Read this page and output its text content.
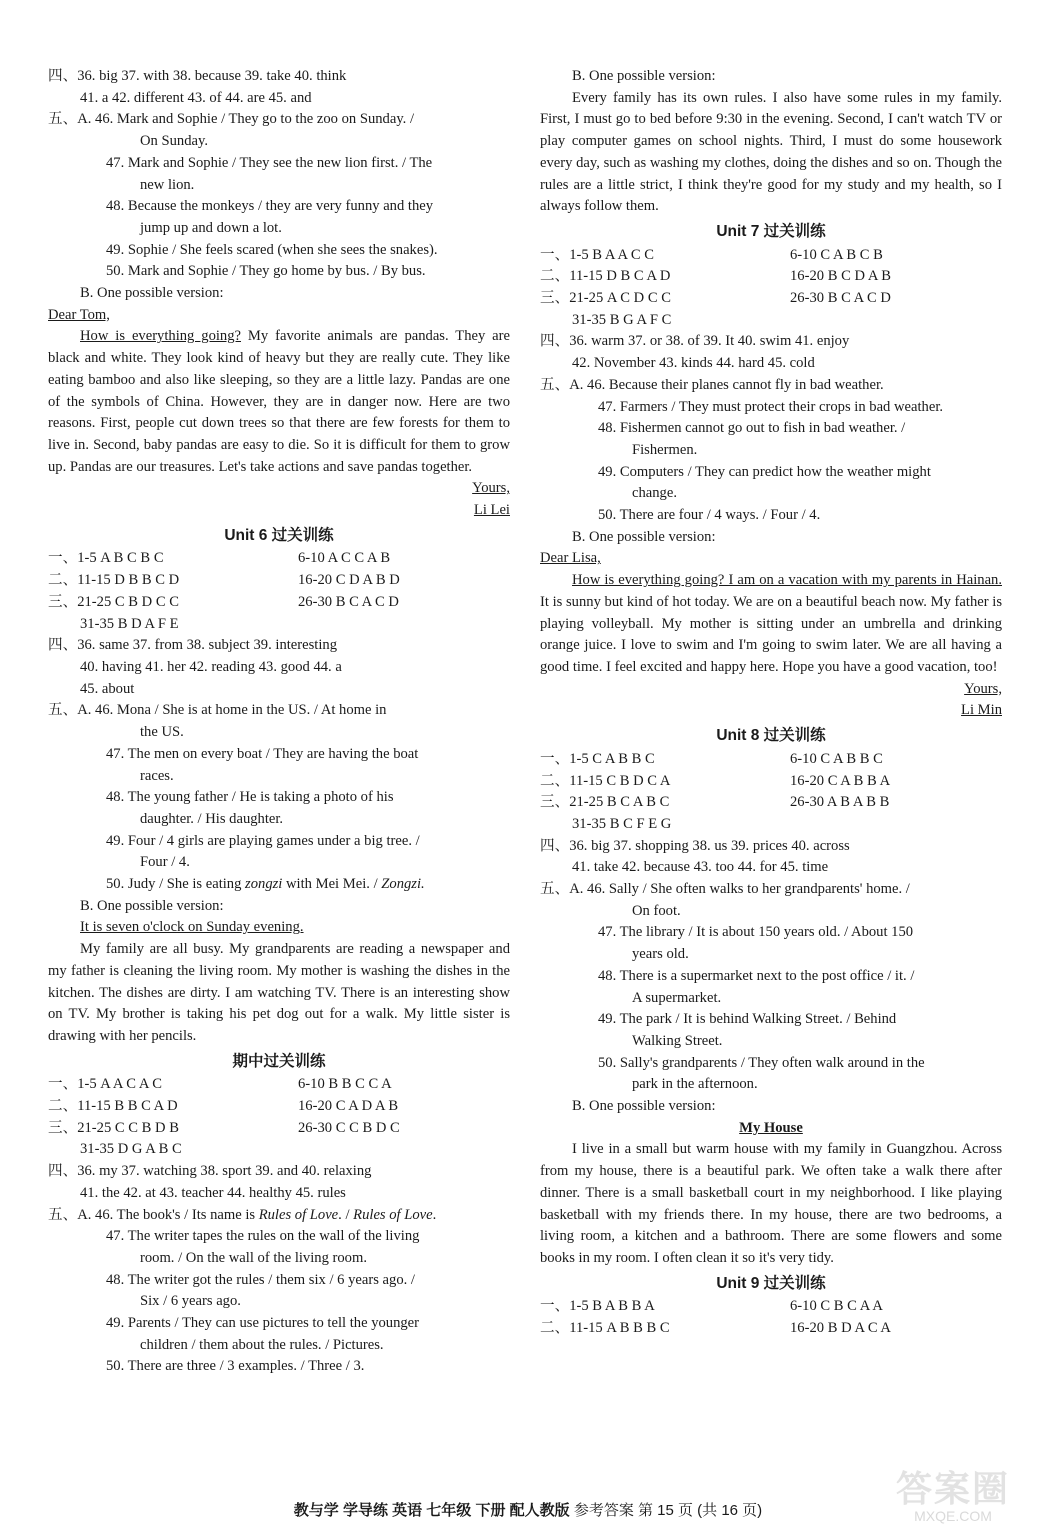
四、36. big 37. with 38. because 39. take 40. think
41. a 42. different 43. of 44. are 45. and
五、A. 46. Mark and Sophie / They go to the zoo on Sunday. /
On Sunday.
47. Mark and Sophie / They see the new lion first. / The
new lion.
48. Because the monkeys / they are very funny and they
jump up and down a lot.
49. Sophie / She feels scared (when she sees the snakes).
50. Mark and Sophie / They go home by bus. / By bus.
B. One possible version:
Dear Tom,
How is everything going? My favorite animals are pandas. They are black and white. They look kind of heavy but they are really cute. They like eating bamboo and also like sleeping, so they are a little lazy. Pandas are one of the symbols of China. However, they are in danger now. Here are two reasons. First, people cut down trees so that there are few forests for them to live in. Second, baby pandas are easy to die. So it is difficult for them to grow up. Pandas are our treasures. Let's take actions and save pandas together.
Yours,
Li Lei
Unit 6 过关训练
一、1-5 A B C B C	6-10 A C C A B
二、11-15 D B B C D	16-20 C D A B D
三、21-25 C B D C C	26-30 B C A C D
31-35 B D A F E
四、36. same 37. from 38. subject 39. interesting
40. having 41. her 42. reading 43. good 44. a
45. about
五、A. 46. Mona / She is at home in the US. / At home in
the US.
47. The men on every boat / They are having the boat
races.
48. The young father / He is taking a photo of his
daughter. / His daughter.
49. Four / 4 girls are playing games under a big tree. /
Four / 4.
50. Judy / She is eating zongzi with Mei Mei. / Zongzi.
B. One possible version:
It is seven o'clock on Sunday evening.
My family are all busy. My grandparents are reading a newspaper and my father is cleaning the living room. My mother is washing the dishes in the kitchen. The dishes are dirty. I am watching TV. There is an interesting show on TV. My brother is taking his pet dog out for a walk. My little sister is drawing with her pencils.
期中过关训练
一、1-5 A A C A C	6-10 B B C C A
二、11-15 B B C A D	16-20 C A D A B
三、21-25 C C B D B	26-30 C C B D C
31-35 D G A B C
四、36. my 37. watching 38. sport 39. and 40. relaxing
41. the 42. at 43. teacher 44. healthy 45. rules
五、A. 46. The book's / Its name is Rules of Love. / Rules of Love.
47. The writer tapes the rules on the wall of the living
room. / On the wall of the living room.
48. The writer got the rules / them six / 6 years ago. /
Six / 6 years ago.
49. Parents / They can use pictures to tell the younger
children / them about the rules. / Pictures.
50. There are three / 3 examples. / Three / 3.
B. One possible version:
Every family has its own rules. I also have some rules in my family. First, I must go to bed before 9:30 in the evening. Second, I can't watch TV or play computer games on school nights. Third, I must do some housework every day, such as washing my clothes, doing the dishes and so on. Though the rules are a little strict, I think they're good for my study and my health, so I always follow them.
Unit 7 过关训练
一、1-5 B A A C C	6-10 C A B C B
二、11-15 D B C A D	16-20 B C D A B
三、21-25 A C D C C	26-30 B C A C D
31-35 B G A F C
四、36. warm 37. or 38. of 39. It 40. swim 41. enjoy
42. November 43. kinds 44. hard 45. cold
五、A. 46. Because their planes cannot fly in bad weather.
47. Farmers / They must protect their crops in bad weather.
48. Fishermen cannot go out to fish in bad weather. /
Fishermen.
49. Computers / They can predict how the weather might
change.
50. There are four / 4 ways. / Four / 4.
B. One possible version:
Dear Lisa,
How is everything going? I am on a vacation with my parents in Hainan. It is sunny but kind of hot today. We are on a beautiful beach now. My father is playing volleyball. My mother is sitting under an umbrella and drinking orange juice. I love to swim and I'm going to swim later. We are all having a good time. I feel excited and happy here. Hope you have a good vacation, too!
Yours,
Li Min
Unit 8 过关训练
一、1-5 C A B B C	6-10 C A B B C
二、11-15 C B D C A	16-20 C A B B A
三、21-25 B C A B C	26-30 A B A B B
31-35 B C F E G
四、36. big 37. shopping 38. us 39. prices 40. across
41. take 42. because 43. too 44. for 45. time
五、A. 46. Sally / She often walks to her grandparents' home. /
On foot.
47. The library / It is about 150 years old. / About 150
years old.
48. There is a supermarket next to the post office / it. /
A supermarket.
49. The park / It is behind Walking Street. / Behind
Walking Street.
50. Sally's grandparents / They often walk around in the
park in the afternoon.
B. One possible version:
My House
I live in a small but warm house with my family in Guangzhou. Across from my house, there is a beautiful park. We often take a walk there after dinner. There is a small basketball court in my neighborhood. I like playing basketball with my friends there. In my house, there are two bedrooms, a living room, a kitchen and a bathroom. There are some flowers and some books in my room. I often clean it so it's very tidy.
Unit 9 过关训练
一、1-5 B A B B A	6-10 C B C A A
二、11-15 A B B B C	16-20 B D A C A
教与学 学导练 英语 七年级 下册 配人教版 参考答案 第 15 页 (共 16 页)
答案圈
MXQE.COM
